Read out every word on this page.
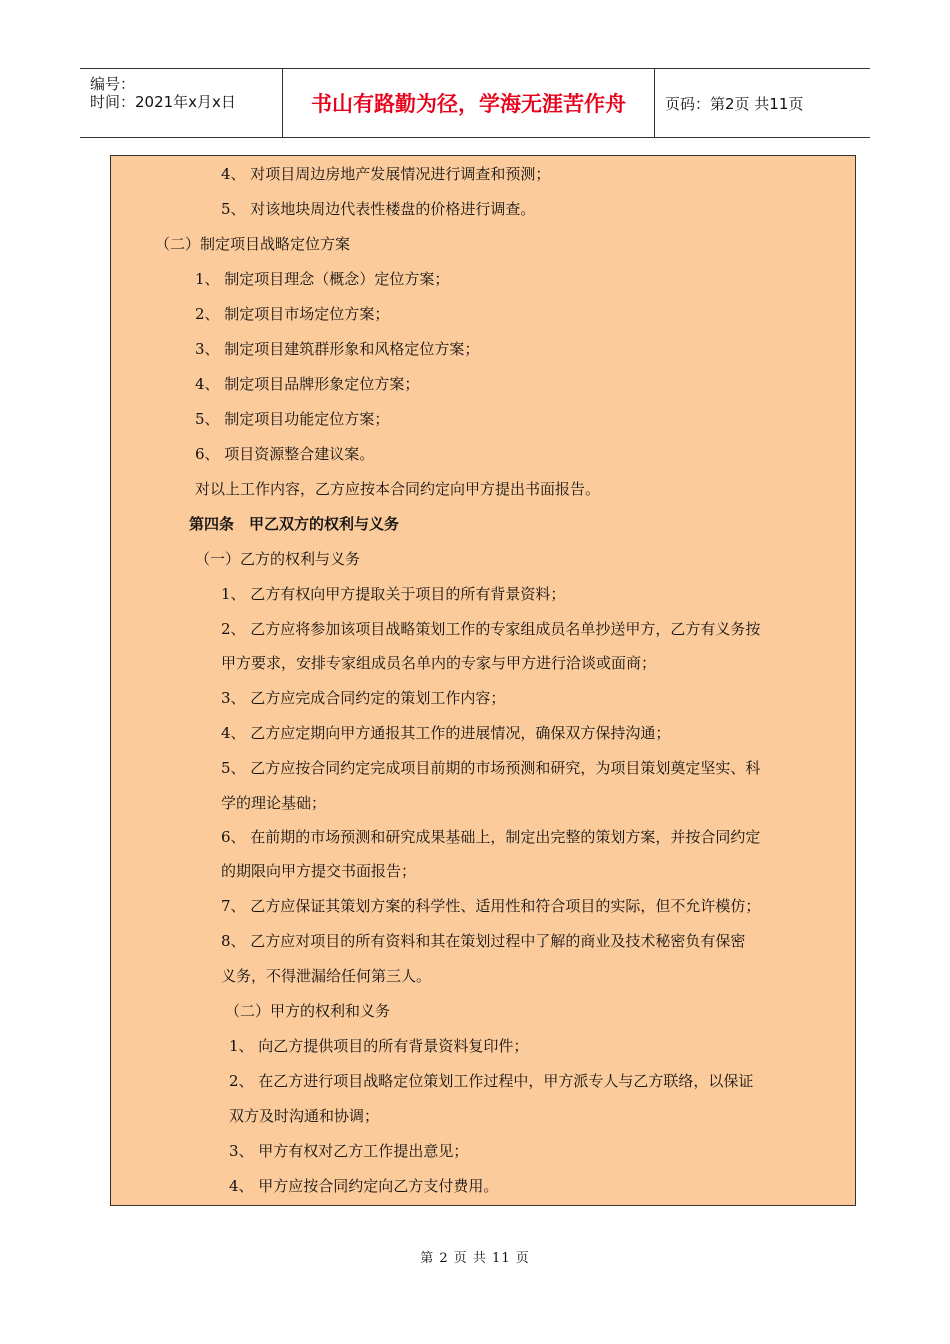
编号：
时间：2021年x月x日	书山有路勤为径，学海无涯苦作舟	页码：第2页 共11页
4、 对项目周边房地产发展情况进行调查和预测；
5、 对该地块周边代表性楼盘的价格进行调查。
（二）制定项目战略定位方案
1、 制定项目理念（概念）定位方案；
2、 制定项目市场定位方案；
3、 制定项目建筑群形象和风格定位方案；
4、 制定项目品牌形象定位方案；
5、 制定项目功能定位方案；
6、 项目资源整合建议案。
对以上工作内容，乙方应按本合同约定向甲方提出书面报告。
第四条　甲乙双方的权利与义务
（一）乙方的权利与义务
1、 乙方有权向甲方提取关于项目的所有背景资料；
2、 乙方应将参加该项目战略策划工作的专家组成员名单抄送甲方，乙方有义务按
甲方要求，安排专家组成员名单内的专家与甲方进行洽谈或面商；
3、 乙方应完成合同约定的策划工作内容；
4、 乙方应定期向甲方通报其工作的进展情况，确保双方保持沟通；
5、 乙方应按合同约定完成项目前期的市场预测和研究，为项目策划奠定坚实、科
学的理论基础；
6、 在前期的市场预测和研究成果基础上，制定出完整的策划方案，并按合同约定
的期限向甲方提交书面报告；
7、 乙方应保证其策划方案的科学性、适用性和符合项目的实际，但不允许模仿；
8、 乙方应对项目的所有资料和其在策划过程中了解的商业及技术秘密负有保密
义务，不得泄漏给任何第三人。
（二）甲方的权利和义务
1、 向乙方提供项目的所有背景资料复印件；
2、 在乙方进行项目战略定位策划工作过程中，甲方派专人与乙方联络，以保证
双方及时沟通和协调；
3、 甲方有权对乙方工作提出意见；
4、 甲方应按合同约定向乙方支付费用。
第 2 页 共 11 页
